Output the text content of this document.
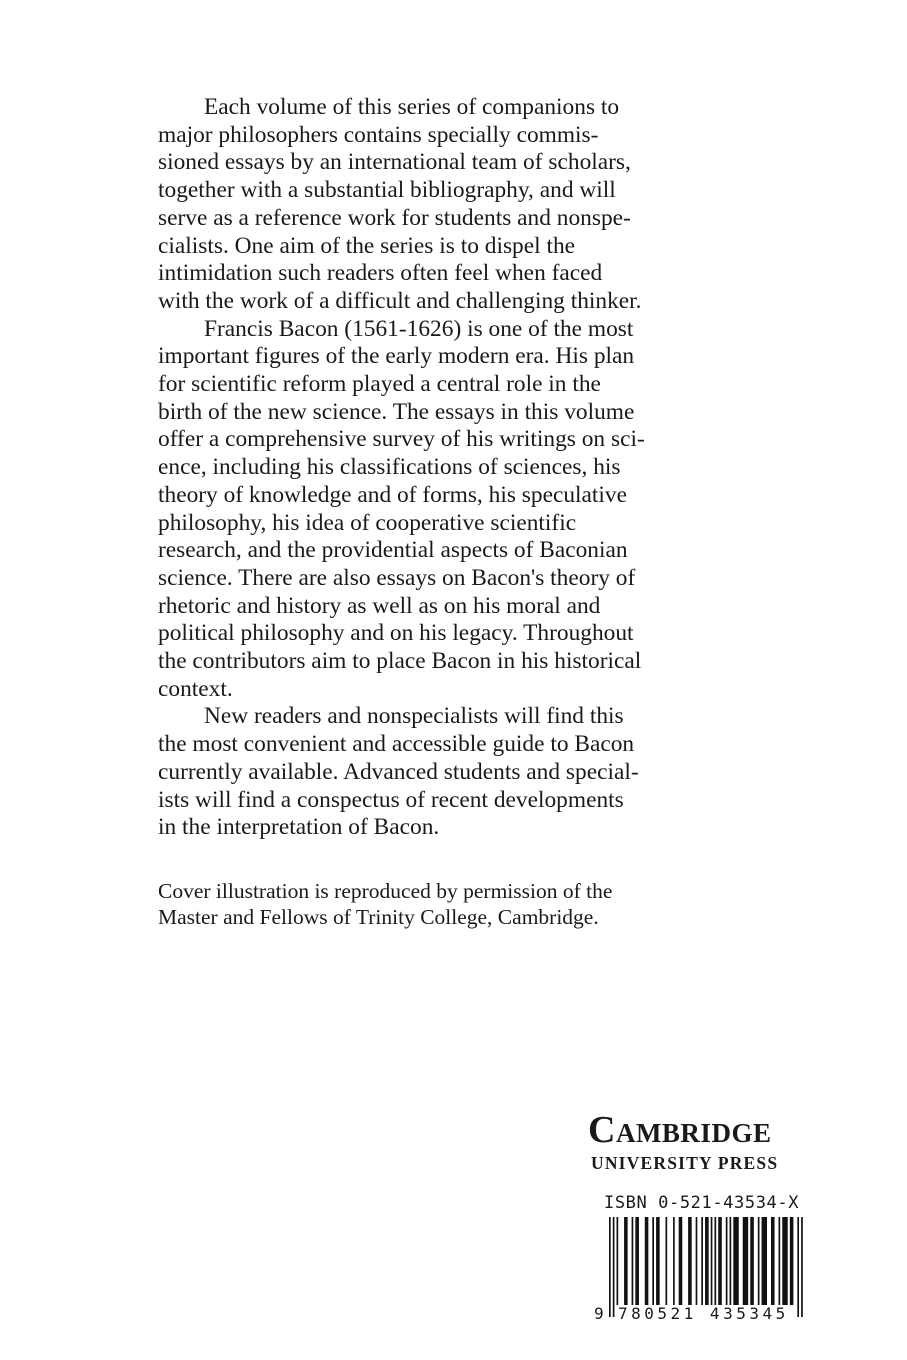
Each volume of this series of companions to
major philosophers contains specially commis-
sioned essays by an international team of scholars,
together with a substantial bibliography, and will
serve as a reference work for students and nonspe-
cialists. One aim of the series is to dispel the
intimidation such readers often feel when faced
with the work of a difficult and challenging thinker.

Francis Bacon (1561-1626) is one of the most
important figures of the early modern era. His plan
for scientific reform played a central role in the
birth of the new science. The essays in this volume
offer a comprehensive survey of his writings on sci-
ence, including his classifications of sciences, his
theory of knowledge and of forms, his speculative
philosophy, his idea of cooperative scientific
research, and the providential aspects of Baconian
science. There are also essays on Bacon's theory of
rhetoric and history as well as on his moral and
political philosophy and on his legacy. Throughout
the contributors aim to place Bacon in his historical
context.

New readers and nonspecialists will find this
the most convenient and accessible guide to Bacon
currently available. Advanced students and special-
ists will find a conspectus of recent developments
in the interpretation of Bacon.

Cover illustration is reproduced by permission of the
Master and Fellows of Trinity College, Cambridge.
Cambridge
UNIVERSITY PRESS
ISBN 0-521-43534-X
9 780521 435345
